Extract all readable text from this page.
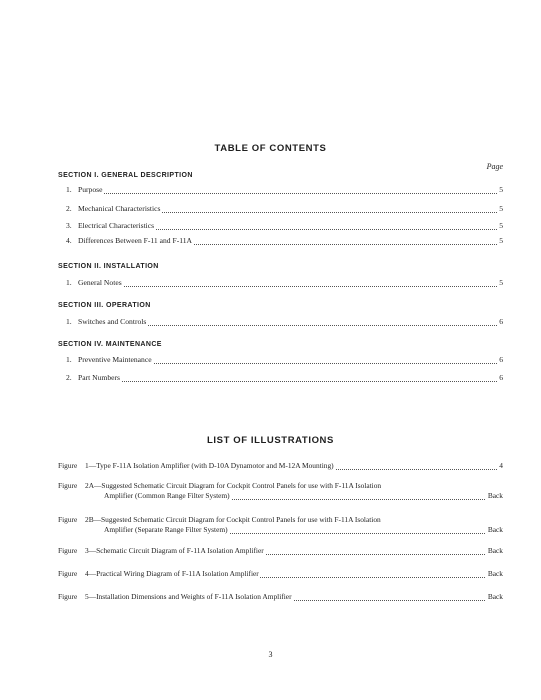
TABLE OF CONTENTS
Page
SECTION I. GENERAL DESCRIPTION
1. Purpose	5
2. Mechanical Characteristics	5
3. Electrical Characteristics	5
4. Differences Between F-11 and F-11A	5
SECTION II. INSTALLATION
1. General Notes	5
SECTION III. OPERATION
1. Switches and Controls	6
SECTION IV. MAINTENANCE
1. Preventive Maintenance	6
2. Part Numbers	6
LIST OF ILLUSTRATIONS
Figure 1—Type F-11A Isolation Amplifier (with D-10A Dynamotor and M-12A Mounting)	4
Figure 2A—Suggested Schematic Circuit Diagram for Cockpit Control Panels for use with F-11A Isolation
Amplifier (Common Range Filter System)	Back
Figure 2B—Suggested Schematic Circuit Diagram for Cockpit Control Panels for use with F-11A Isolation
Amplifier (Separate Range Filter System)	Back
Figure 3—Schematic Circuit Diagram of F-11A Isolation Amplifier	Back
Figure 4—Practical Wiring Diagram of F-11A Isolation Amplifier	Back
Figure 5—Installation Dimensions and Weights of F-11A Isolation Amplifier	Back
3
